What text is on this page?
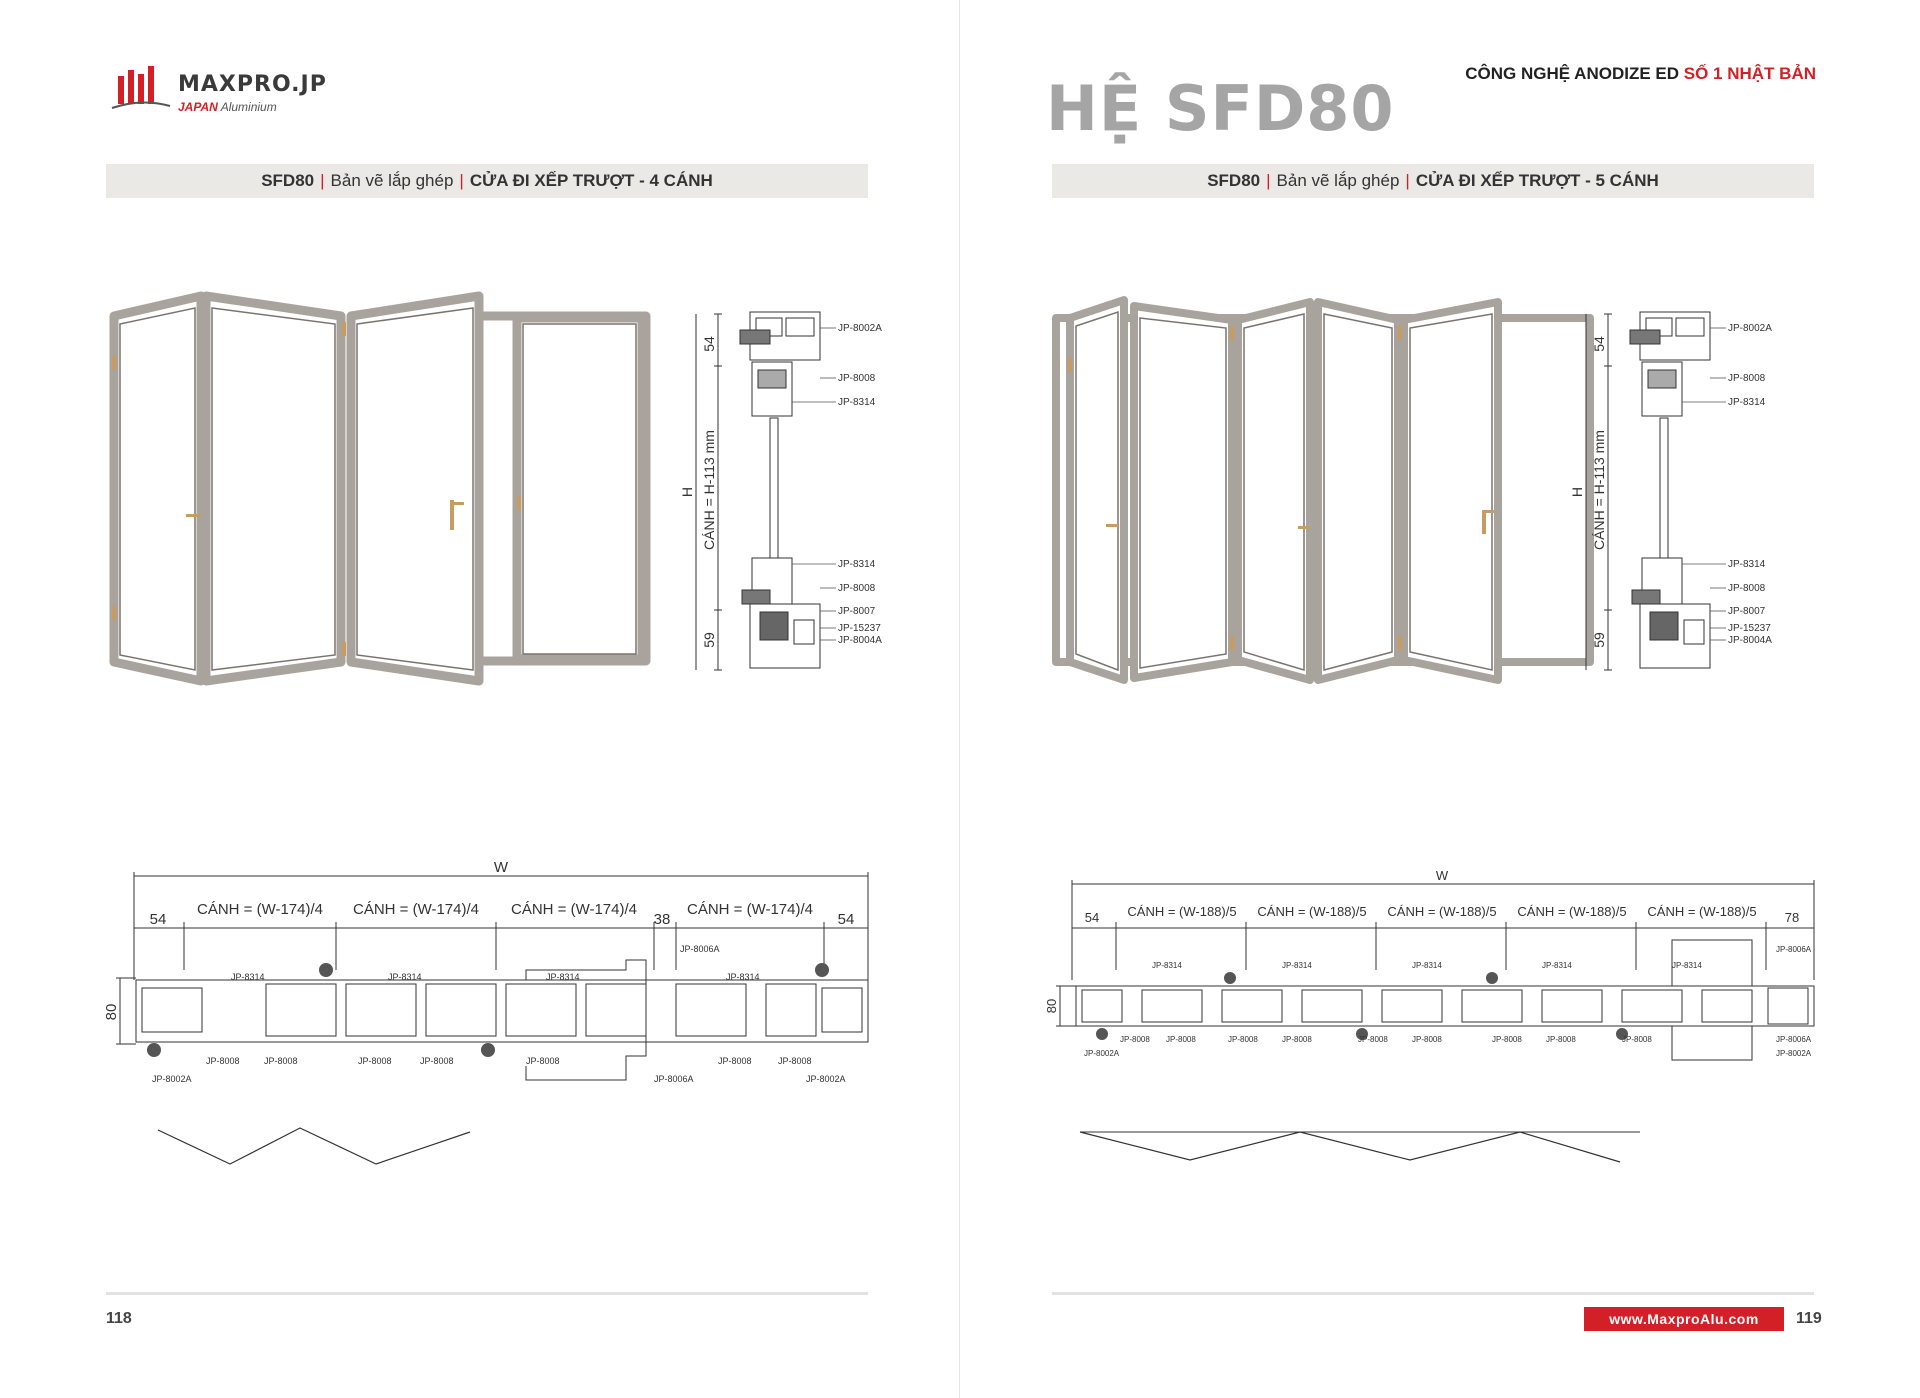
MAXPRO.JP
JAPAN Aluminium
SFD80 | Bản vẽ lắp ghép | CỬA ĐI XẾP TRƯỢT - 4 CÁNH
JP-8002A
JP-8008
JP-8314
JP-8314
JP-8008
JP-8007
JP-15237
JP-8004A
54
59
H CÁNH = H-113 mm
W
54
CÁNH = (W-174)/4 CÁNH = (W-174)/4 CÁNH = (W-174)/4
38
CÁNH = (W-174)/4
54
80
JP-8314	JP-8314	JP-8314
JP-8006A
JP-8314
JP-8002A
JP-8008	JP-8008	JP-8008	JP-8008	JP-8008
JP-8006A
JP-8008	JP-8008
JP-8002A
118
CÔNG NGHỆ ANODIZE ED SỐ 1 NHẬT BẢN
HỆ SFD80
SFD80 | Bản vẽ lắp ghép | CỬA ĐI XẾP TRƯỢT - 5 CÁNH
JP-8002A
JP-8008
JP-8314
JP-8314
JP-8008
JP-8007
JP-15237
JP-8004A
54
59
H CÁNH = H-113 mm
W
54 CÁNH = (W-188)/5 CÁNH = (W-188)/5 CÁNH = (W-188)/5 CÁNH = (W-188)/5 CÁNH = (W-188)/5 78
80
JP-8314	JP-8314	JP-8314	JP-8314	JP-8314
JP-8006A
JP-8002A
JP-8008 JP-8008	JP-8008	JP-8008	JP-8008	JP-8008	JP-8008	JP-8008	JP-8008	JP-8006A
JP-8002A
www.MaxproAlu.com	119
